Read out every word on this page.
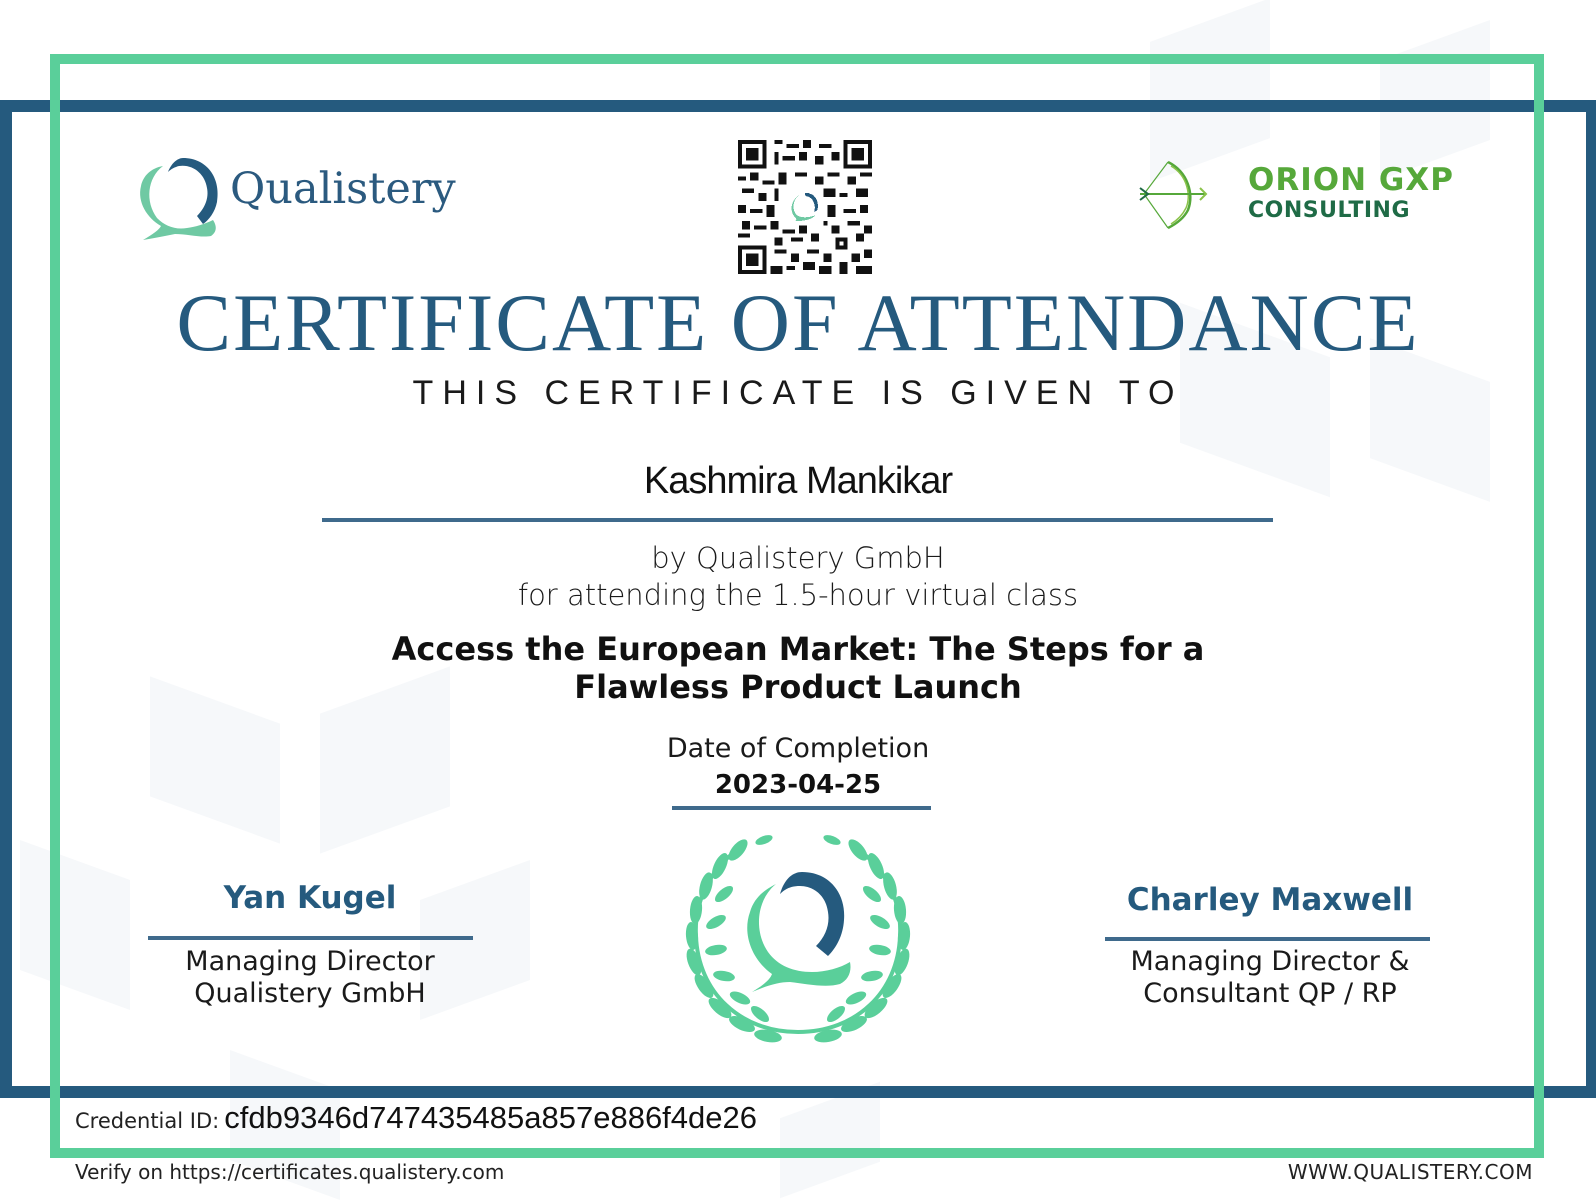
Qualistery	ORION GXP
CONSULTING
CERTIFICATE OF ATTENDANCE
THIS CERTIFICATE IS GIVEN TO
Kashmira Mankikar
by Qualistery GmbH
for attending the 1.5-hour virtual class
Access the European Market: The Steps for a
Flawless Product Launch
Date of Completion
2023-04-25
Yan Kugel
Managing Director
Qualistery GmbH
Charley Maxwell
Managing Director &
Consultant QP / RP
Credential ID: cfdb9346d747435485a857e886f4de26
Verify on https://certificates.qualistery.com	WWW.QUALISTERY.COM
